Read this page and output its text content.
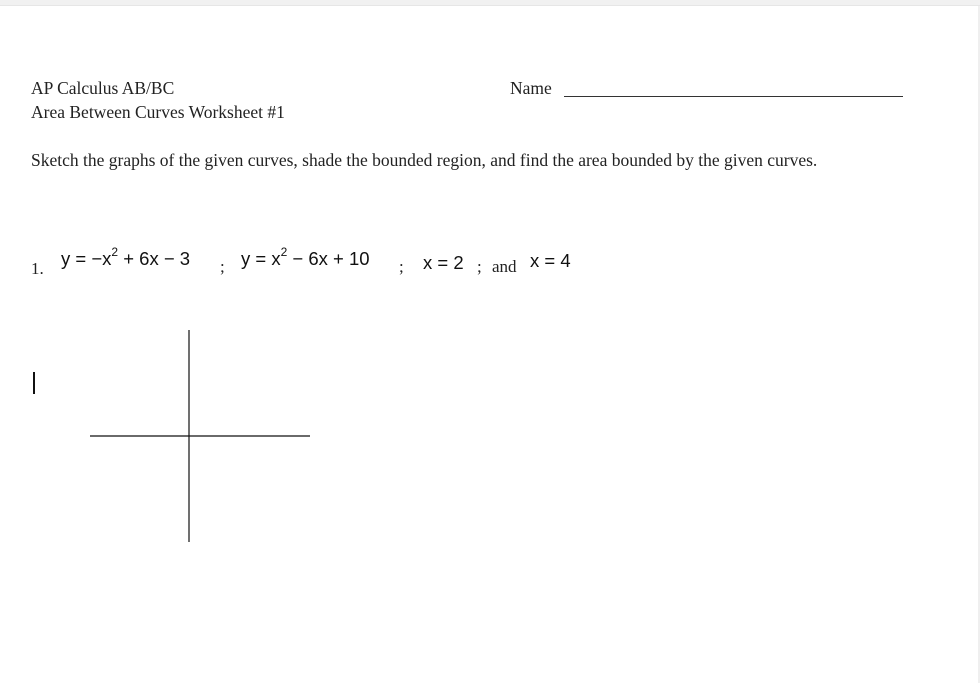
AP Calculus AB/BC
Area Between Curves Worksheet #1
Name
Sketch the graphs of the given curves, shade the bounded region, and find the area bounded by the given curves.
1. $y = -x^2 + 6x - 3$ ; $y = x^2 - 6x + 10$ ; x = 2 ; and x = 4
